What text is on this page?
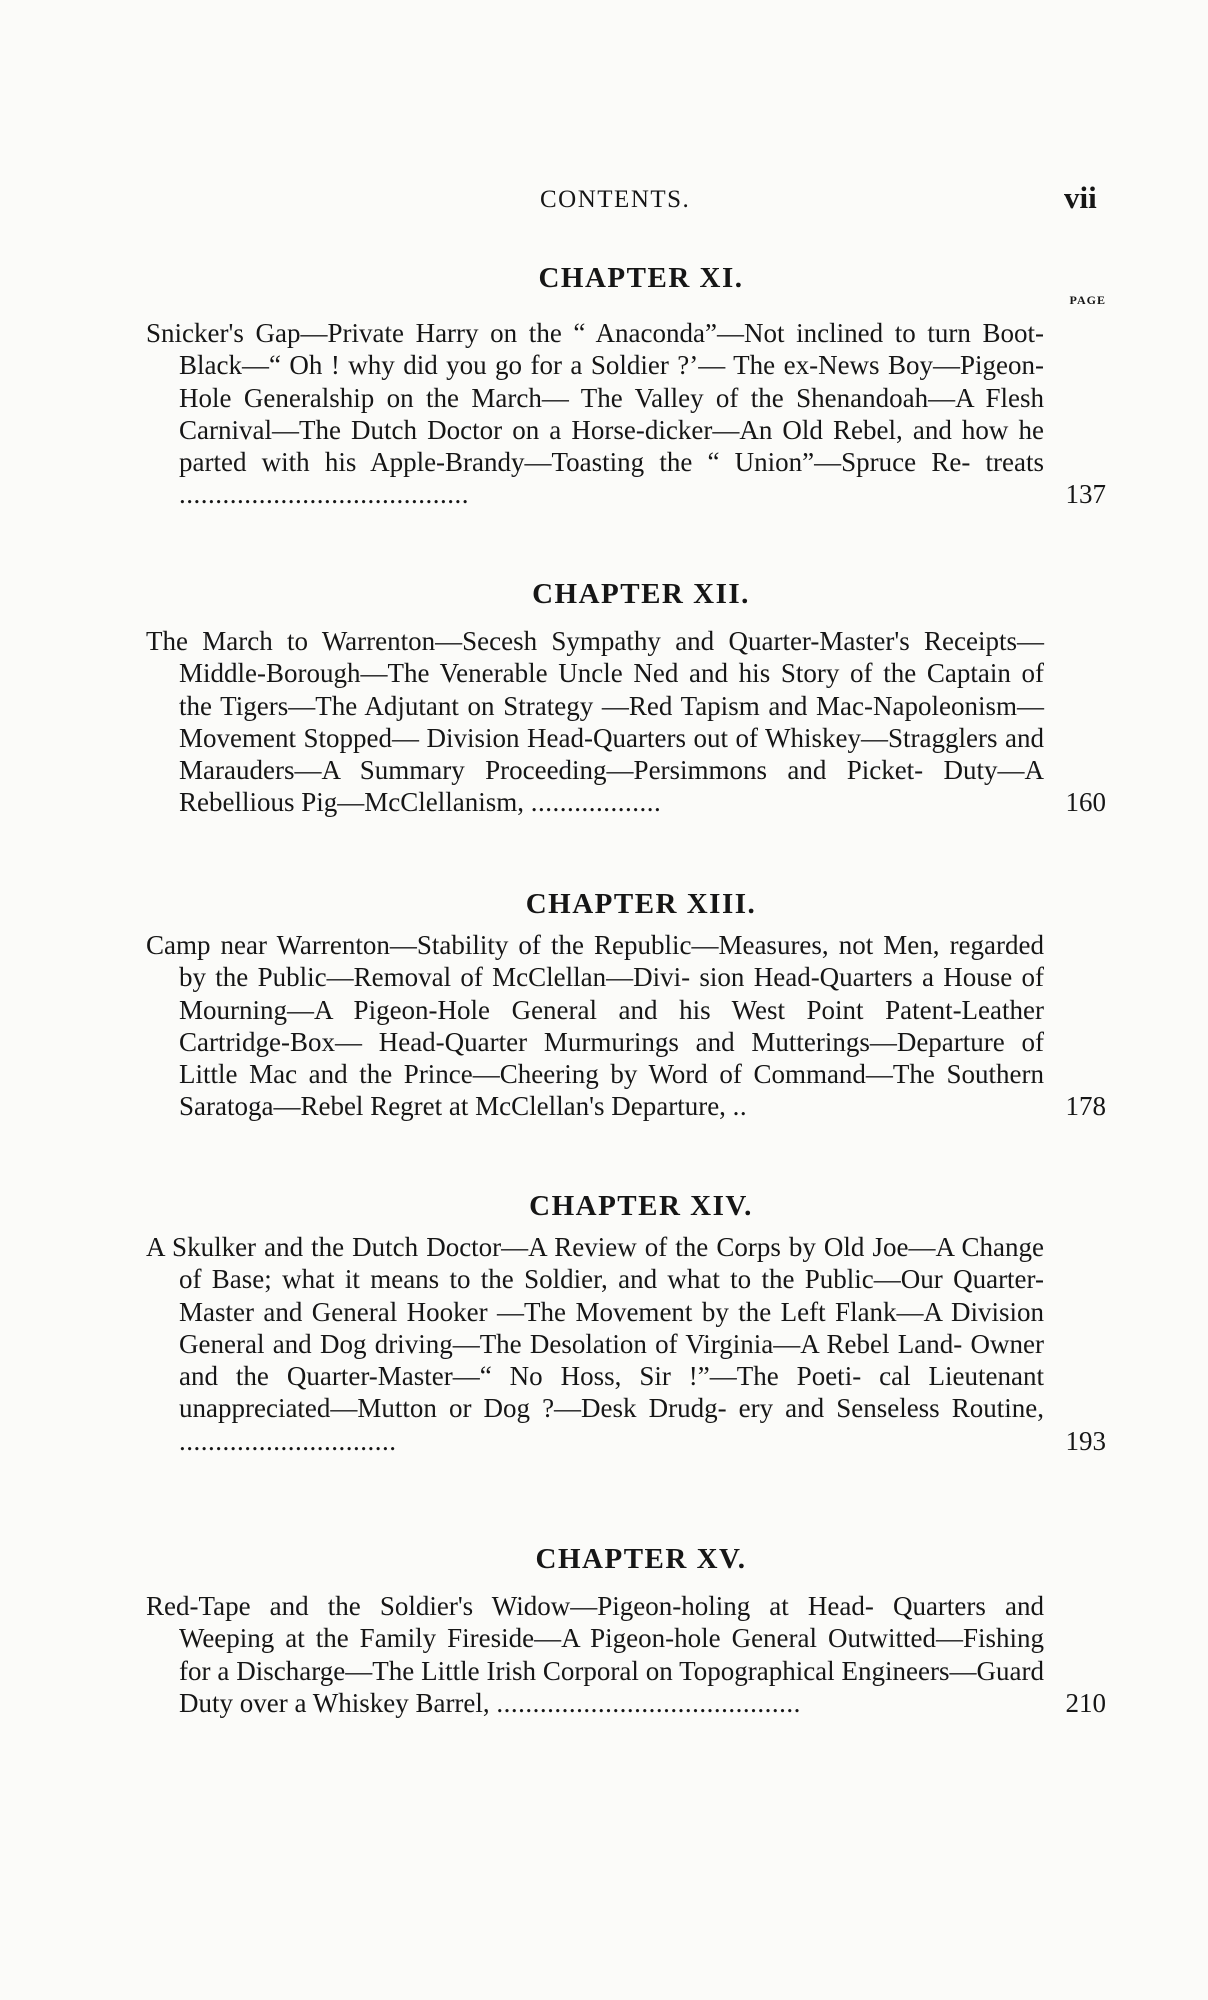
CONTENTS.	vii
CHAPTER XI.
PAGE

Snicker's Gap—Private Harry on the “ Anaconda”—Not inclined to turn Boot-Black—“ Oh ! why did you go for a Soldier ?’— The ex-News Boy—Pigeon-Hole Generalship on the March— The Valley of the Shenandoah—A Flesh Carnival—The Dutch Doctor on a Horse-dicker—An Old Rebel, and how he parted with his Apple-Brandy—Toasting the “ Union”—Spruce Re- treats ........................................	137

CHAPTER XII.

The March to Warrenton—Secesh Sympathy and Quarter-Master's Receipts—Middle-Borough—The Venerable Uncle Ned and his Story of the Captain of the Tigers—The Adjutant on Strategy —Red Tapism and Mac-Napoleonism—Movement Stopped— Division Head-Quarters out of Whiskey—Stragglers and Marauders—A Summary Proceeding—Persimmons and Picket- Duty—A Rebellious Pig—McClellanism, ..................	160

CHAPTER XIII.

Camp near Warrenton—Stability of the Republic—Measures, not Men, regarded by the Public—Removal of McClellan—Divi- sion Head-Quarters a House of Mourning—A Pigeon-Hole General and his West Point Patent-Leather Cartridge-Box— Head-Quarter Murmurings and Mutterings—Departure of Little Mac and the Prince—Cheering by Word of Command—The Southern Saratoga—Rebel Regret at McClellan's Departure, ..	178

CHAPTER XIV.

A Skulker and the Dutch Doctor—A Review of the Corps by Old Joe—A Change of Base; what it means to the Soldier, and what to the Public—Our Quarter-Master and General Hooker —The Movement by the Left Flank—A Division General and Dog driving—The Desolation of Virginia—A Rebel Land- Owner and the Quarter-Master—“ No Hoss, Sir !”—The Poeti- cal Lieutenant unappreciated—Mutton or Dog ?—Desk Drudg- ery and Senseless Routine, ..............................	193

CHAPTER XV.

Red-Tape and the Soldier's Widow—Pigeon-holing at Head- Quarters and Weeping at the Family Fireside—A Pigeon-hole General Outwitted—Fishing for a Discharge—The Little Irish Corporal on Topographical Engineers—Guard Duty over a Whiskey Barrel, ..........................................	210
